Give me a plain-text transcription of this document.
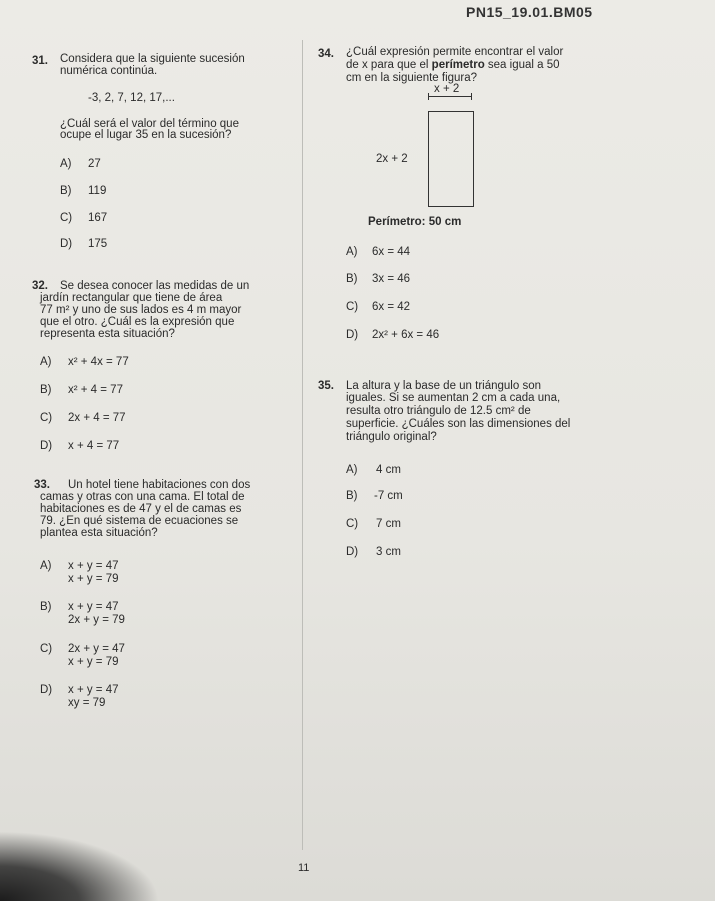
PN15_19.01.BM05
31. Considera que la siguiente sucesión
numérica continúa.
-3, 2, 7, 12, 17,...
¿Cuál será el valor del término que
ocupe el lugar 35 en la sucesión?
A) 27
B) 119
C) 167
D) 175
32. Se desea conocer las medidas de un
jardín rectangular que tiene de área
77 m² y uno de sus lados es 4 m mayor
que el otro. ¿Cuál es la expresión que
representa esta situación?
A) x² + 4x = 77
B) x² + 4 = 77
C) 2x + 4 = 77
D) x + 4 = 77
33. Un hotel tiene habitaciones con dos
camas y otras con una cama. El total de
habitaciones es de 47 y el de camas es
79. ¿En qué sistema de ecuaciones se
plantea esta situación?
A) x + y = 47
x + y = 79
B) x + y = 47
2x + y = 79
C) 2x + y = 47
x + y = 79
D) x + y = 47
xy = 79
34. ¿Cuál expresión permite encontrar el valor
de x para que el perímetro sea igual a 50
cm en la siguiente figura?
x + 2
2x + 2
Perímetro: 50 cm
A) 6x = 44
B) 3x = 46
C) 6x = 42
D) 2x² + 6x = 46
35. La altura y la base de un triángulo son
iguales. Si se aumentan 2 cm a cada una,
resulta otro triángulo de 12.5 cm² de
superficie. ¿Cuáles son las dimensiones del
triángulo original?
A) 4 cm
B) -7 cm
C) 7 cm
D) 3 cm
11
